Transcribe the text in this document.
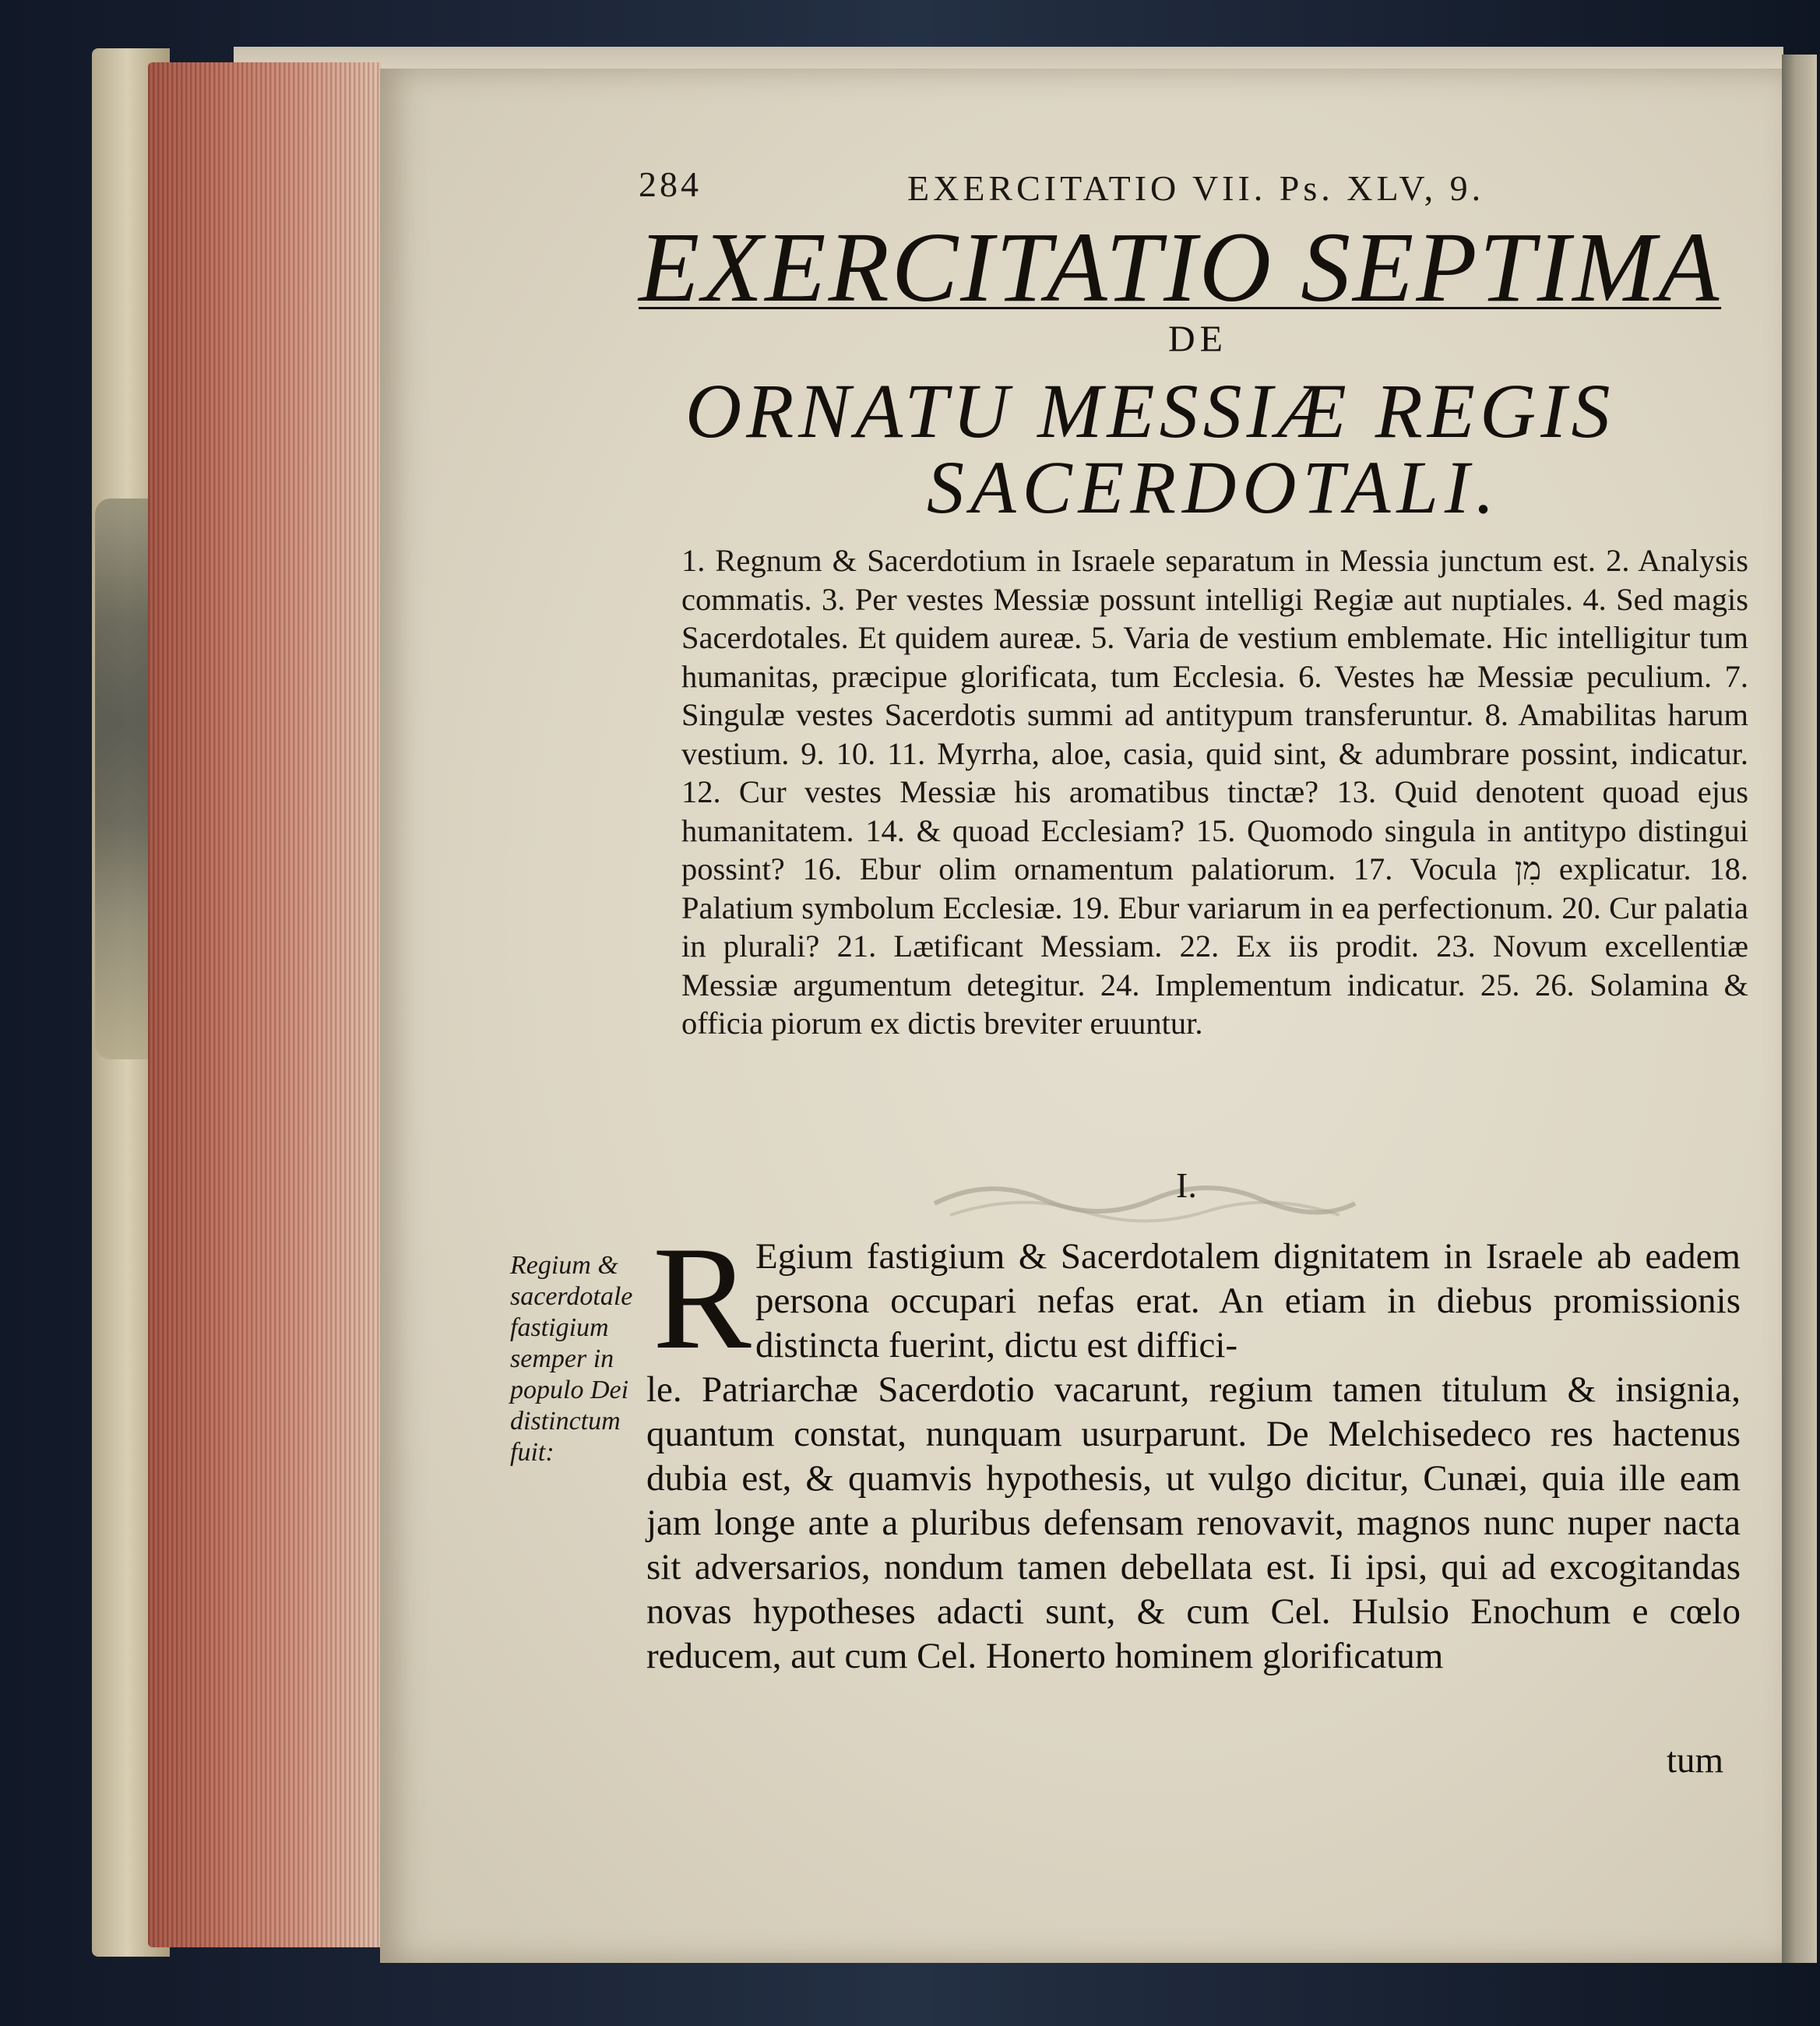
284	EXERCITATIO VII. Ps. XLV, 9.
EXERCITATIO SEPTIMA
DE
ORNATU MESSIÆ REGIS
SACERDOTALI.

1. Regnum & Sacerdotium in Israele separatum in Messia junctum est. 2. Analysis commatis. 3. Per vestes Messiæ possunt intelligi Regiæ aut nuptiales. 4. Sed magis Sacerdotales. Et quidem aureæ. 5. Varia de vestium emblemate. Hic intelligitur tum humanitas, præcipue glorificata, tum Ecclesia. 6. Vestes hæ Messiæ peculium. 7. Singulæ vestes Sacerdotis summi ad antitypum transferuntur. 8. Amabilitas harum vestium. 9. 10. 11. Myrrha, aloe, casia, quid sint, & adumbrare possint, indicatur. 12. Cur vestes Messiæ his aromatibus tinctæ? 13. Quid denotent quoad ejus humanitatem. 14. & quoad Ecclesiam? 15. Quomodo singula in antitypo distingui possint? 16. Ebur olim ornamentum palatiorum. 17. Vocula מִן explicatur. 18. Palatium symbolum Ecclesiæ. 19. Ebur variarum in ea perfectionum. 20. Cur palatia in plurali? 21. Lætificant Messiam. 22. Ex iis prodit. 23. Novum excellentiæ Messiæ argumentum detegitur. 24. Implementum indicatur. 25. 26. Solamina & officia piorum ex dictis breviter eruuntur.

I.
Regium & sacerdotale fastigium semper in populo Dei distinctum fuit:
R Egium fastigium & Sacerdotalem dignitatem in Israele ab eadem persona occupari nefas erat. An etiam in diebus promissionis distincta fuerint, dictu est diffici-
le. Patriarchæ Sacerdotio vacarunt, regium tamen titulum & insignia, quantum constat, nunquam usurparunt. De Melchisedeco res hactenus dubia est, & quamvis hypothesis, ut vulgo dicitur, Cunæi, quia ille eam jam longe ante a pluribus defensam renovavit, magnos nunc nuper nacta sit adversarios, nondum tamen debellata est. Ii ipsi, qui ad excogitandas novas hypotheses adacti sunt, & cum Cel. Hulsio Enochum e cœlo reducem, aut cum Cel. Honerto hominem glorificatum
tum
